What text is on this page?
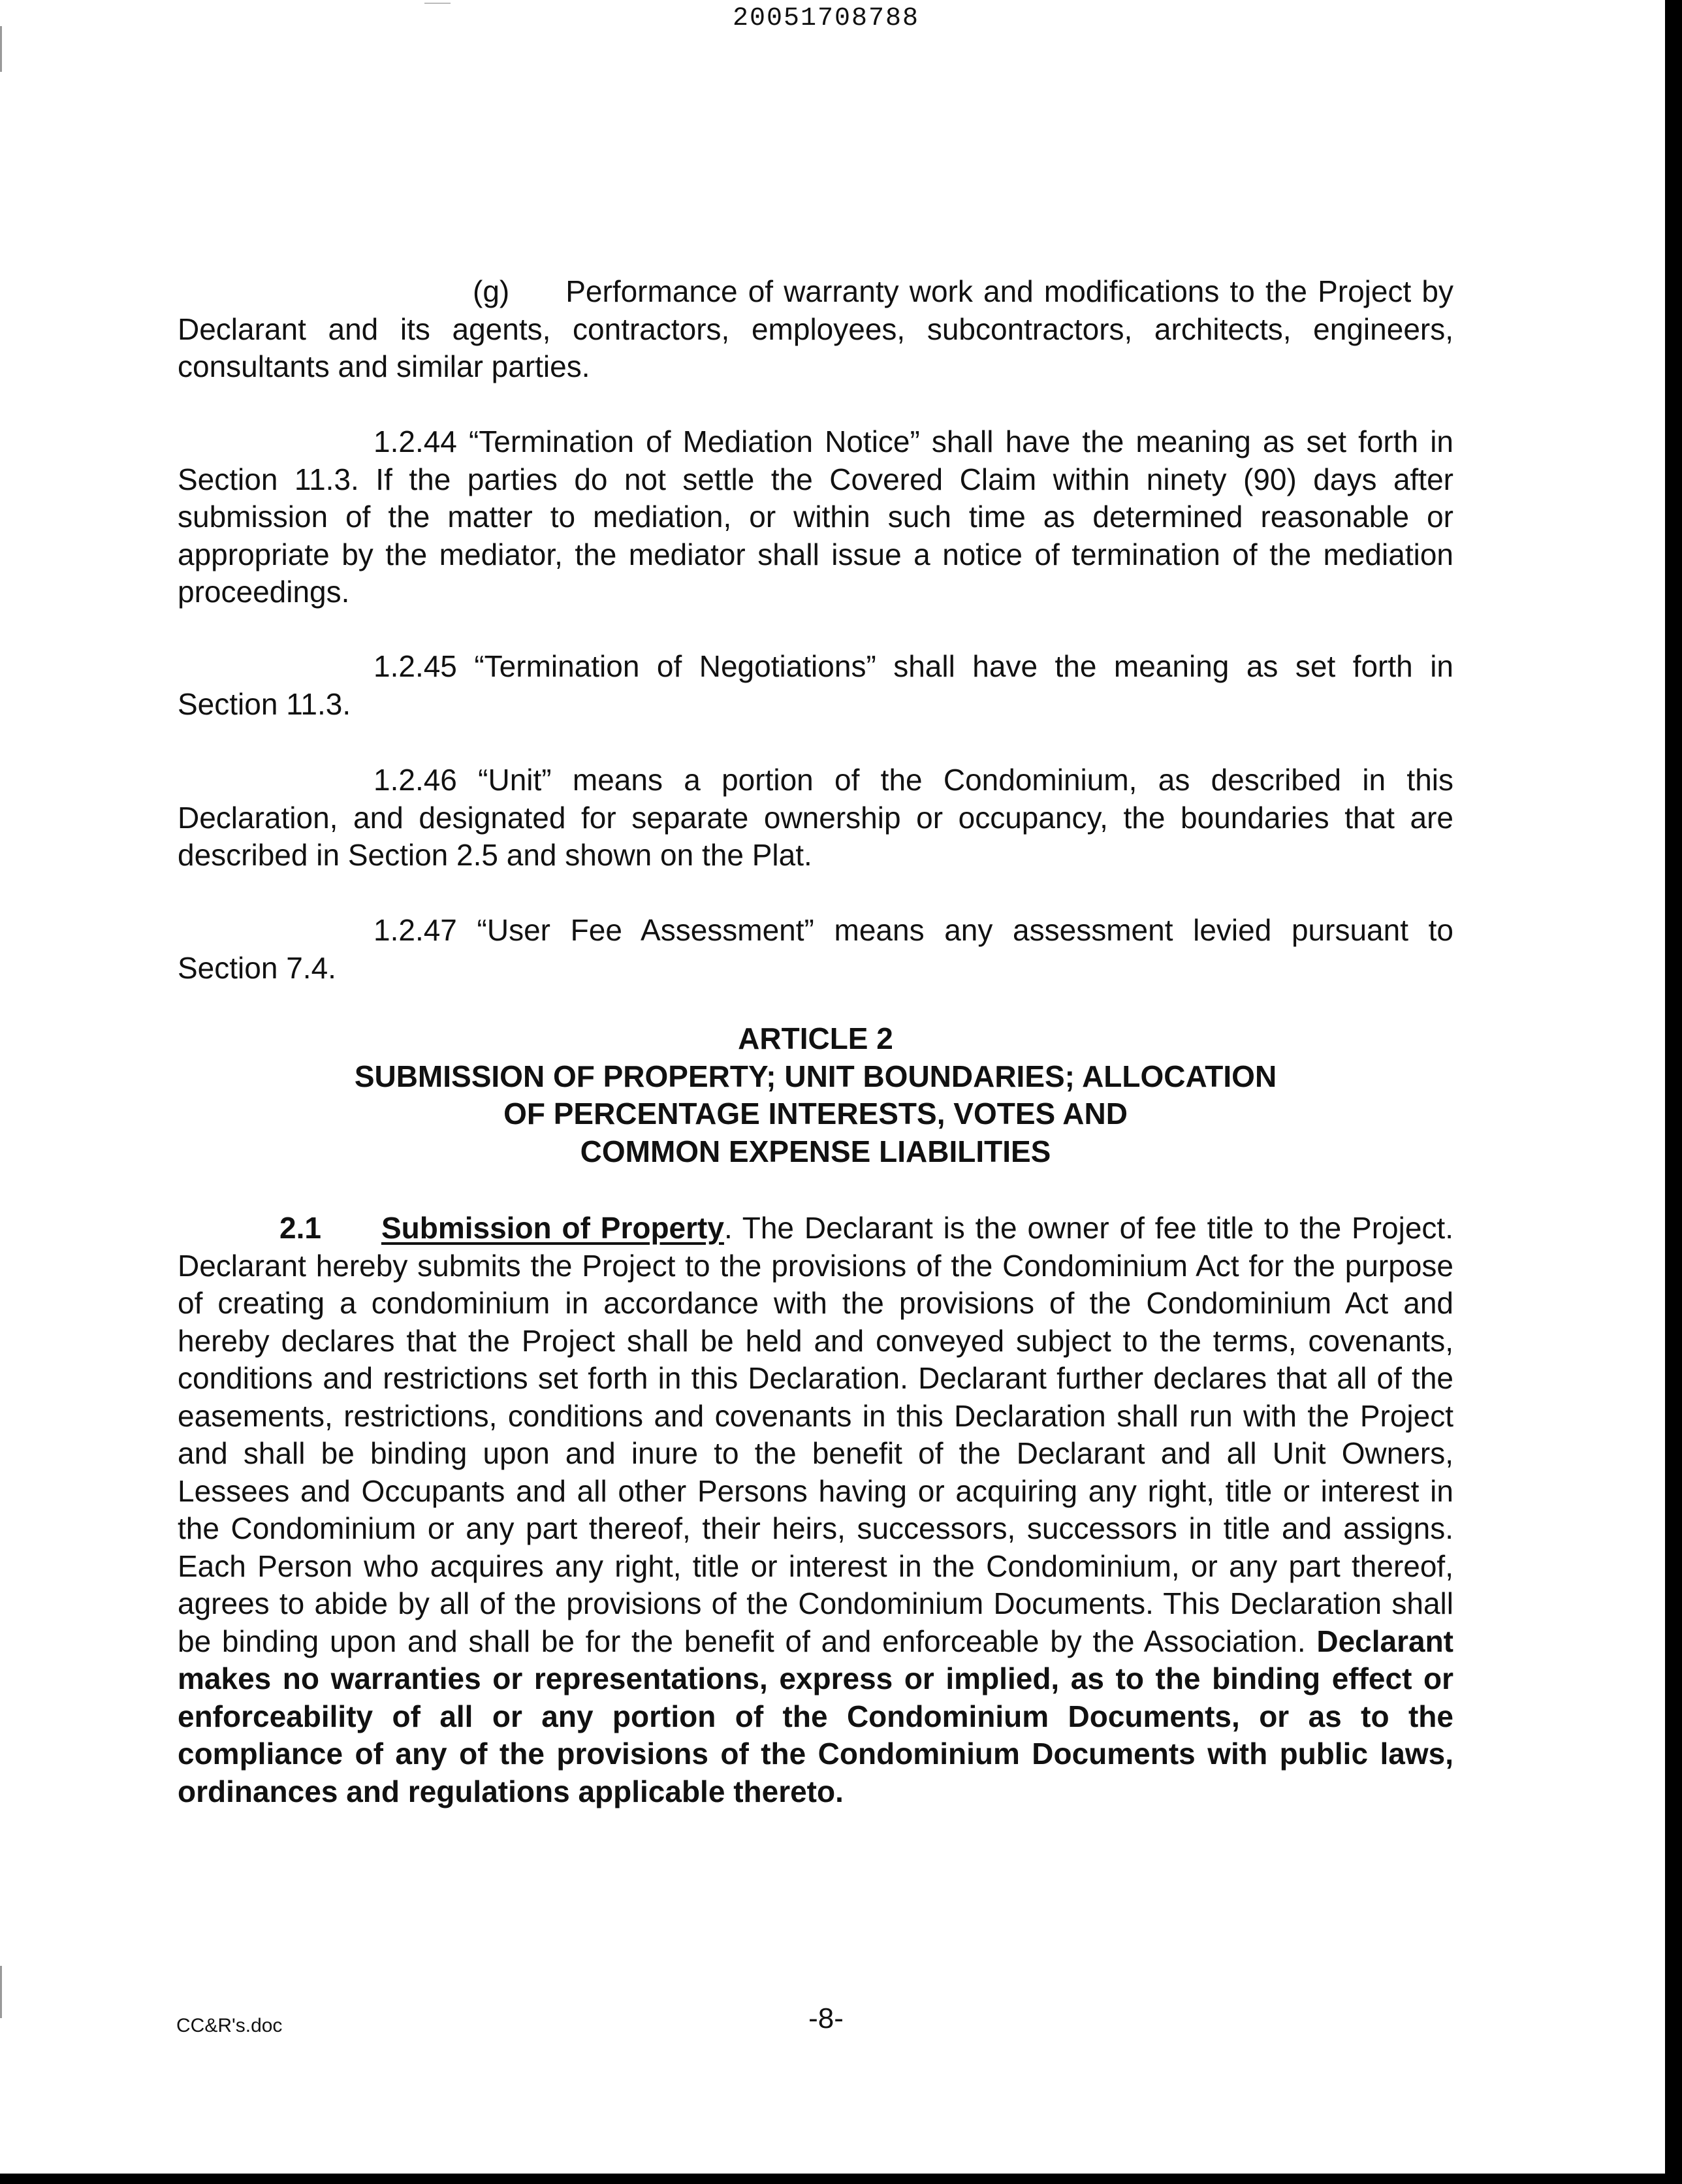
20051708788

(g) Performance of warranty work and modifications to the Project by Declarant and its agents, contractors, employees, subcontractors, architects, engineers, consultants and similar parties.

1.2.44 “Termination of Mediation Notice” shall have the meaning as set forth in Section 11.3. If the parties do not settle the Covered Claim within ninety (90) days after submission of the matter to mediation, or within such time as determined reasonable or appropriate by the mediator, the mediator shall issue a notice of termination of the mediation proceedings.

1.2.45 “Termination of Negotiations” shall have the meaning as set forth in Section 11.3.

1.2.46 “Unit” means a portion of the Condominium, as described in this Declaration, and designated for separate ownership or occupancy, the boundaries that are described in Section 2.5 and shown on the Plat.

1.2.47 “User Fee Assessment” means any assessment levied pursuant to Section 7.4.

ARTICLE 2
SUBMISSION OF PROPERTY; UNIT BOUNDARIES; ALLOCATION
OF PERCENTAGE INTERESTS, VOTES AND
COMMON EXPENSE LIABILITIES

2.1 Submission of Property. The Declarant is the owner of fee title to the Project. Declarant hereby submits the Project to the provisions of the Condominium Act for the purpose of creating a condominium in accordance with the provisions of the Condominium Act and hereby declares that the Project shall be held and conveyed subject to the terms, covenants, conditions and restrictions set forth in this Declaration. Declarant further declares that all of the easements, restrictions, conditions and covenants in this Declaration shall run with the Project and shall be binding upon and inure to the benefit of the Declarant and all Unit Owners, Lessees and Occupants and all other Persons having or acquiring any right, title or interest in the Condominium or any part thereof, their heirs, successors, successors in title and assigns. Each Person who acquires any right, title or interest in the Condominium, or any part thereof, agrees to abide by all of the provisions of the Condominium Documents. This Declaration shall be binding upon and shall be for the benefit of and enforceable by the Association. Declarant makes no warranties or representations, express or implied, as to the binding effect or enforceability of all or any portion of the Condominium Documents, or as to the compliance of any of the provisions of the Condominium Documents with public laws, ordinances and regulations applicable thereto.

-8-
CC&R's.doc
